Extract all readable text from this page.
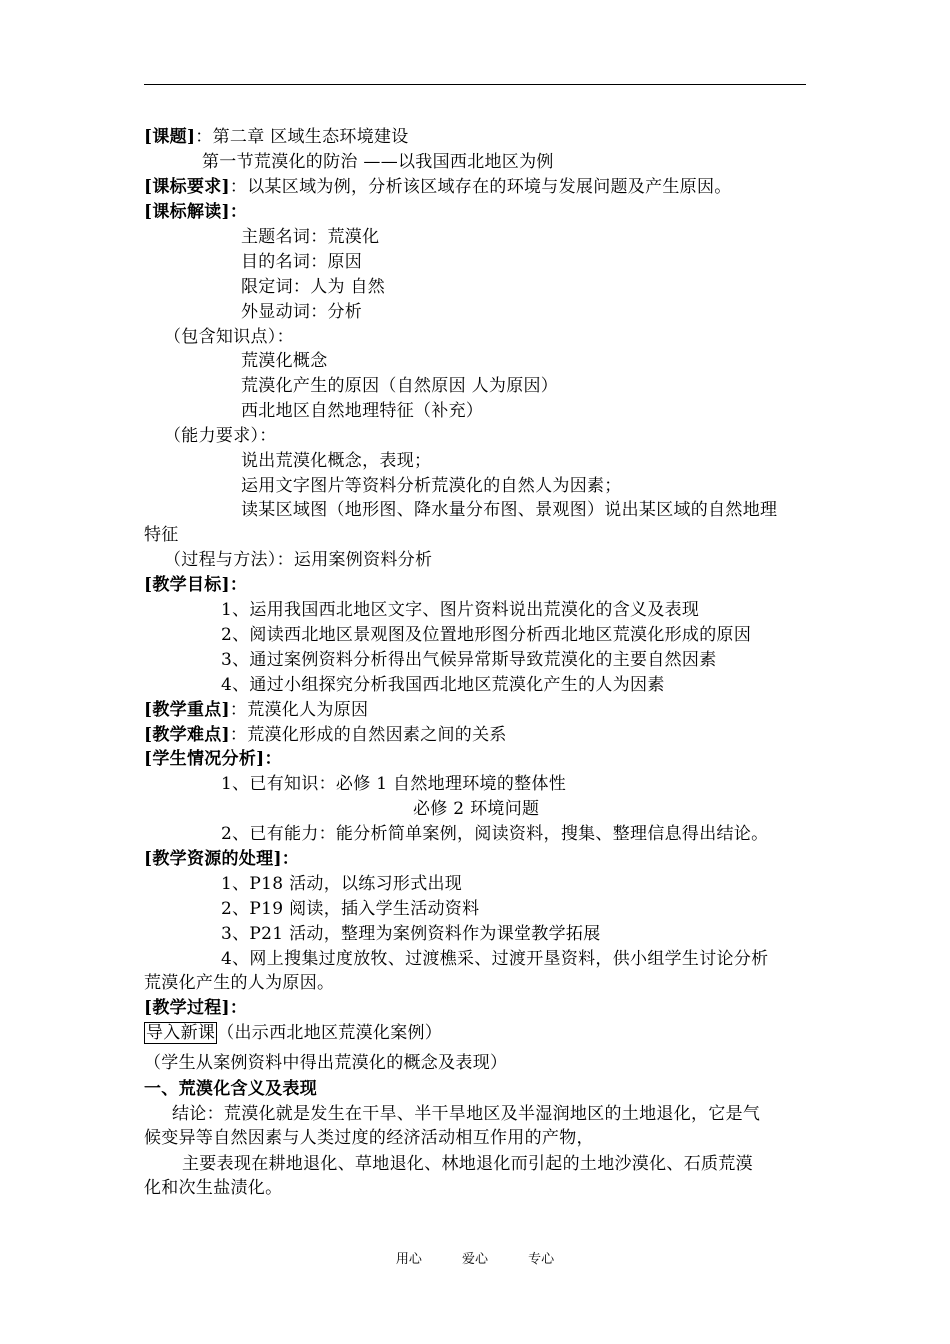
[课题]：第二章 区域生态环境建设
第一节荒漠化的防治 ——以我国西北地区为例
[课标要求]：以某区域为例，分析该区域存在的环境与发展问题及产生原因。
[课标解读]：
主题名词：荒漠化
目的名词：原因
限定词：人为 自然
外显动词：分析
（包含知识点）：
荒漠化概念
荒漠化产生的原因（自然原因 人为原因）
西北地区自然地理特征（补充）
（能力要求）：
说出荒漠化概念，表现；
运用文字图片等资料分析荒漠化的自然人为因素；
读某区域图（地形图、降水量分布图、景观图）说出某区域的自然地理
特征
（过程与方法）：运用案例资料分析
[教学目标]：
1、运用我国西北地区文字、图片资料说出荒漠化的含义及表现
2、阅读西北地区景观图及位置地形图分析西北地区荒漠化形成的原因
3、通过案例资料分析得出气候异常斯导致荒漠化的主要自然因素
4、通过小组探究分析我国西北地区荒漠化产生的人为因素
[教学重点]：荒漠化人为原因
[教学难点]：荒漠化形成的自然因素之间的关系
[学生情况分析]：
1、已有知识：必修 1 自然地理环境的整体性
必修 2 环境问题
2、已有能力：能分析简单案例，阅读资料，搜集、整理信息得出结论。
[教学资源的处理]：
1、P18 活动，以练习形式出现
2、P19 阅读，插入学生活动资料
3、P21 活动，整理为案例资料作为课堂教学拓展
4、网上搜集过度放牧、过渡樵采、过渡开垦资料，供小组学生讨论分析
荒漠化产生的人为原因。
[教学过程]：
导入新课 （出示西北地区荒漠化案例）
（学生从案例资料中得出荒漠化的概念及表现）
一、荒漠化含义及表现
结论：荒漠化就是发生在干旱、半干旱地区及半湿润地区的土地退化，它是气
候变异等自然因素与人类过度的经济活动相互作用的产物，
主要表现在耕地退化、草地退化、林地退化而引起的土地沙漠化、石质荒漠
化和次生盐渍化。
用心	爱心	专心
